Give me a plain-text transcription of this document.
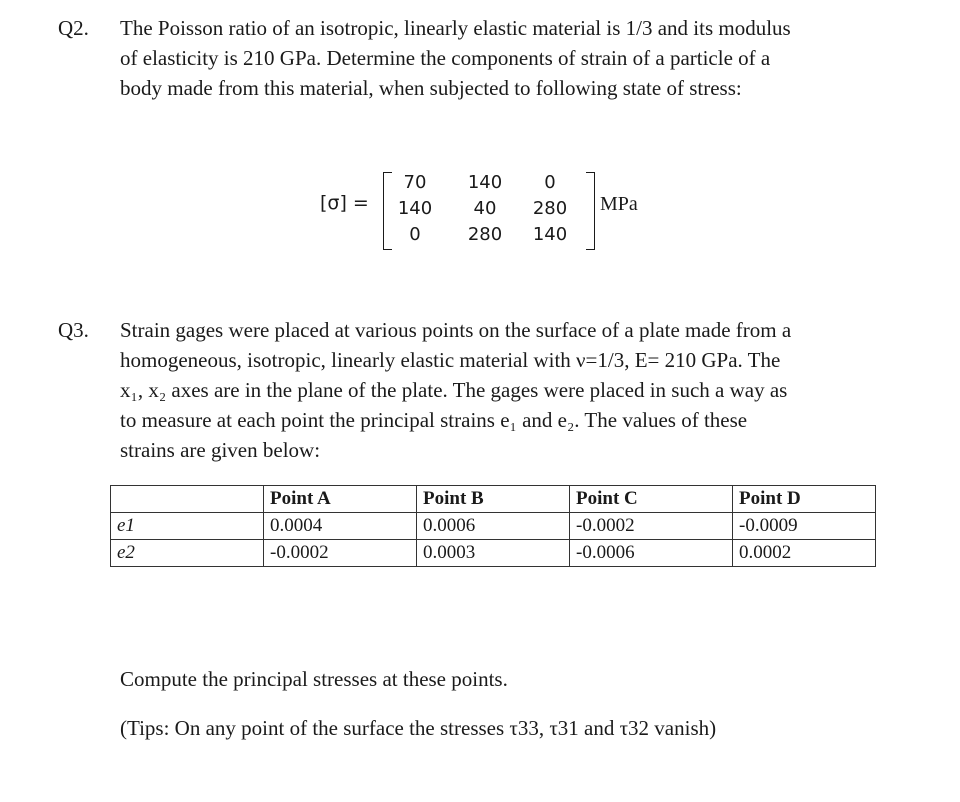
Q2. The Poisson ratio of an isotropic, linearly elastic material is 1/3 and its modulus
of elasticity is 210 GPa. Determine the components of strain of a particle of a
body made from this material, when subjected to following state of stress:
[σ] =
70	140	0
140	40	280
0	280	140
MPa
Q3. Strain gages were placed at various points on the surface of a plate made from a
homogeneous, isotropic, linearly elastic material with ν=1/3, E= 210 GPa. The
x₁, x₂ axes are in the plane of the plate. The gages were placed in such a way as
to measure at each point the principal strains e₁ and e₂. The values of these
strains are given below:
	Point A	Point B	Point C	Point D
e1	0.0004	0.0006	-0.0002	-0.0009
e2	-0.0002	0.0003	-0.0006	0.0002
Compute the principal stresses at these points.
(Tips: On any point of the surface the stresses τ33, τ31 and τ32 vanish)
